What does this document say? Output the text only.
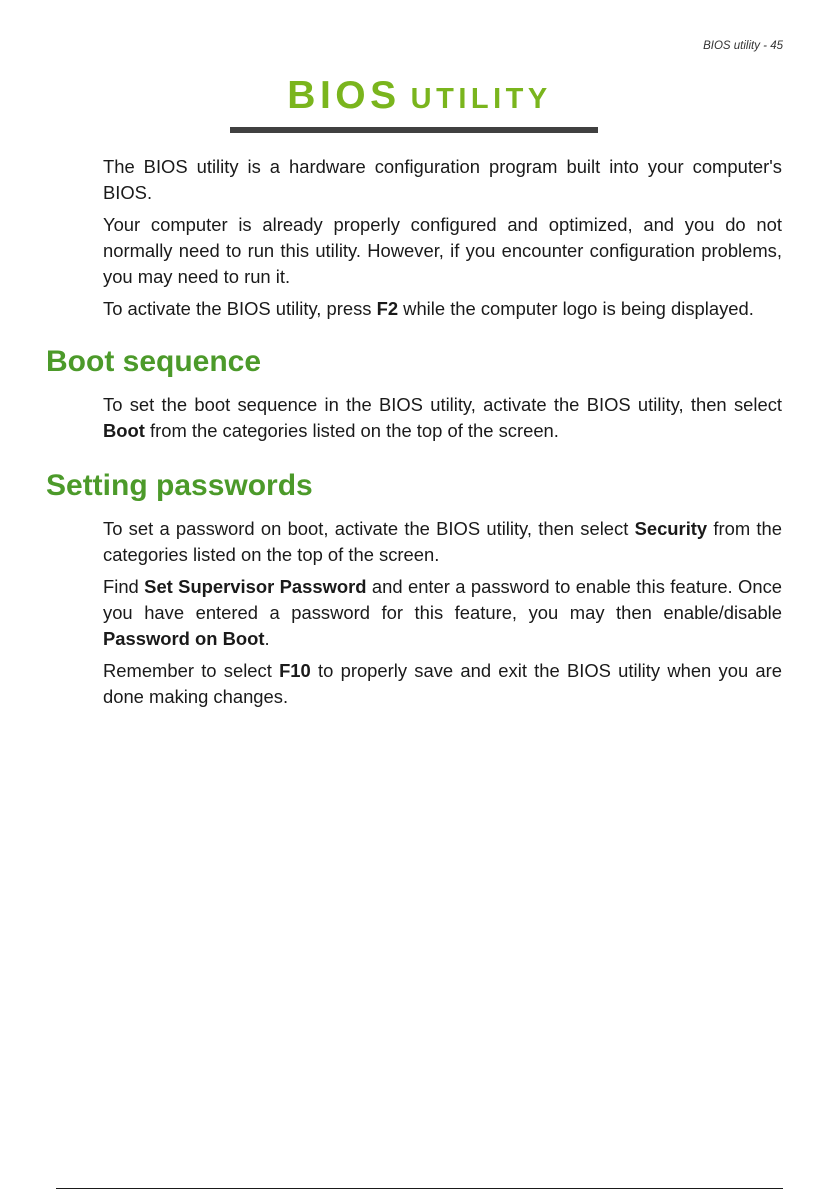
BIOS utility - 45
BIOS UTILITY

The BIOS utility is a hardware configuration program built into your computer's BIOS.

Your computer is already properly configured and optimized, and you do not normally need to run this utility. However, if you encounter configuration problems, you may need to run it.

To activate the BIOS utility, press F2 while the computer logo is being displayed.

Boot sequence

To set the boot sequence in the BIOS utility, activate the BIOS utility, then select Boot from the categories listed on the top of the screen.

Setting passwords

To set a password on boot, activate the BIOS utility, then select Security from the categories listed on the top of the screen.

Find Set Supervisor Password and enter a password to enable this feature. Once you have entered a password for this feature, you may then enable/disable Password on Boot.

Remember to select F10 to properly save and exit the BIOS utility when you are done making changes.
